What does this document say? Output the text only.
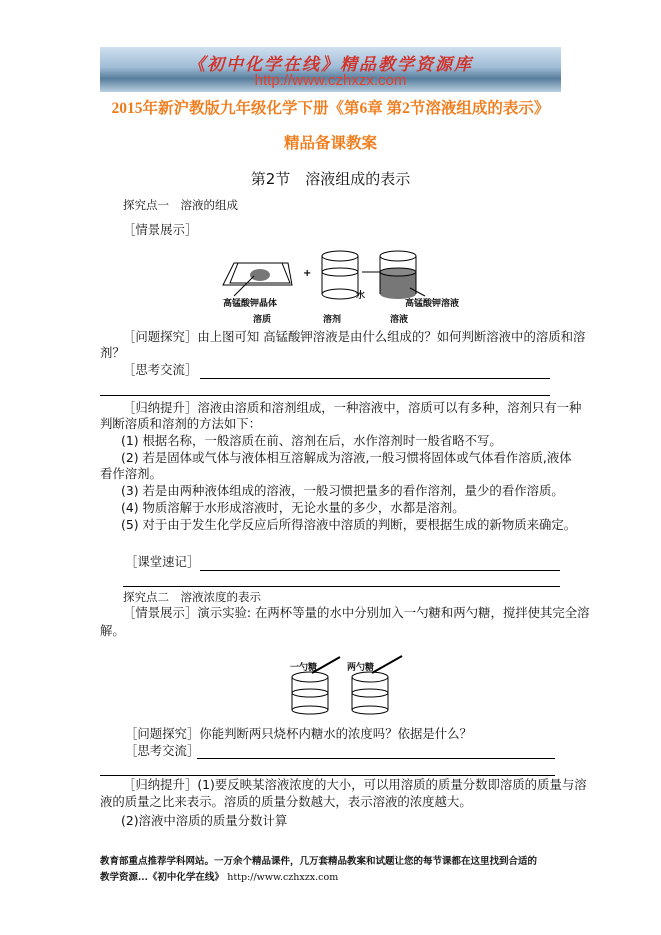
《初中化学在线》精品教学资源库
http://www.czhxzx.com
2015年新沪教版九年级化学下册《第6章 第2节溶液组成的表示》
精品备课教案
第2节　溶液组成的表示
探究点一　溶液的组成
［情景展示］
+
高锰酸钾晶体
水
高锰酸钾溶液
溶质	溶剂	溶液
［问题探究］由上图可知 高锰酸钾溶液是由什么组成的？如何判断溶液中的溶质和溶
剂？
［思考交流］
［归纳提升］溶液由溶质和溶剂组成，一种溶液中，溶质可以有多种，溶剂只有一种
判断溶质和溶剂的方法如下：
(1) 根据名称，一般溶质在前、溶剂在后，水作溶剂时一般省略不写。
(2) 若是固体或气体与液体相互溶解成为溶液,一般习惯将固体或气体看作溶质,液体
看作溶剂。
(3) 若是由两种液体组成的溶液，一般习惯把量多的看作溶剂，量少的看作溶质。
(4) 物质溶解于水形成溶液时，无论水量的多少，水都是溶剂。
(5) 对于由于发生化学反应后所得溶液中溶质的判断，要根据生成的新物质来确定。
［课堂速记］
探究点二　溶液浓度的表示
［情景展示］演示实验: 在两杯等量的水中分别加入一勺糖和两勺糖，搅拌使其完全溶
解。
一勺糖	两勺糖
［问题探究］你能判断两只烧杯内糖水的浓度吗？依据是什么？
［思考交流］
［归纳提升］(1)要反映某溶液浓度的大小，可以用溶质的质量分数即溶质的质量与溶
液的质量之比来表示。溶质的质量分数越大，表示溶液的浓度越大。
(2)溶液中溶质的质量分数计算
教育部重点推荐学科网站。一万余个精品课件，几万套精品教案和试题让您的每节课都在这里找到合适的
教学资源...《初中化学在线》 http://www.czhxzx.com
